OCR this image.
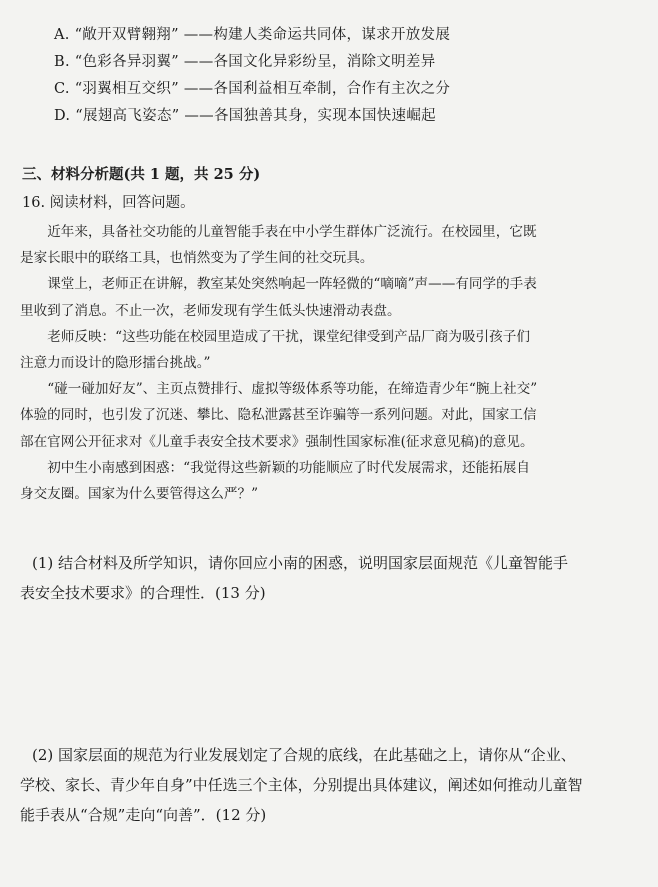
A. “敞开双臂翱翔” ——构建人类命运共同体，谋求开放发展
B. “色彩各异羽翼” ——各国文化异彩纷呈，消除文明差异
C. “羽翼相互交织” ——各国利益相互牵制，合作有主次之分
D. “展翅高飞姿态” ——各国独善其身，实现本国快速崛起
三、材料分析题(共 1 题，共 25 分)
16. 阅读材料，回答问题。

近年来，具备社交功能的儿童智能手表在中小学生群体广泛流行。在校园里，它既

是家长眼中的联络工具，也悄然变为了学生间的社交玩具。

课堂上，老师正在讲解，教室某处突然响起一阵轻微的“嘀嘀”声——有同学的手表

里收到了消息。不止一次，老师发现有学生低头快速滑动表盘。

老师反映：“这些功能在校园里造成了干扰，课堂纪律受到产品厂商为吸引孩子们

注意力而设计的隐形擂台挑战。”

“碰一碰加好友”、主页点赞排行、虚拟等级体系等功能，在缔造青少年“腕上社交”

体验的同时，也引发了沉迷、攀比、隐私泄露甚至诈骗等一系列问题。对此，国家工信

部在官网公开征求对《儿童手表安全技术要求》强制性国家标准(征求意见稿)的意见。

初中生小南感到困惑：“我觉得这些新颖的功能顺应了时代发展需求，还能拓展自

身交友圈。国家为什么要管得这么严？”

(1) 结合材料及所学知识，请你回应小南的困惑，说明国家层面规范《儿童智能手

表安全技术要求》的合理性．(13 分)

(2) 国家层面的规范为行业发展划定了合规的底线，在此基础之上，请你从“企业、

学校、家长、青少年自身”中任选三个主体，分别提出具体建议，阐述如何推动儿童智

能手表从“合规”走向“向善”．(12 分)
